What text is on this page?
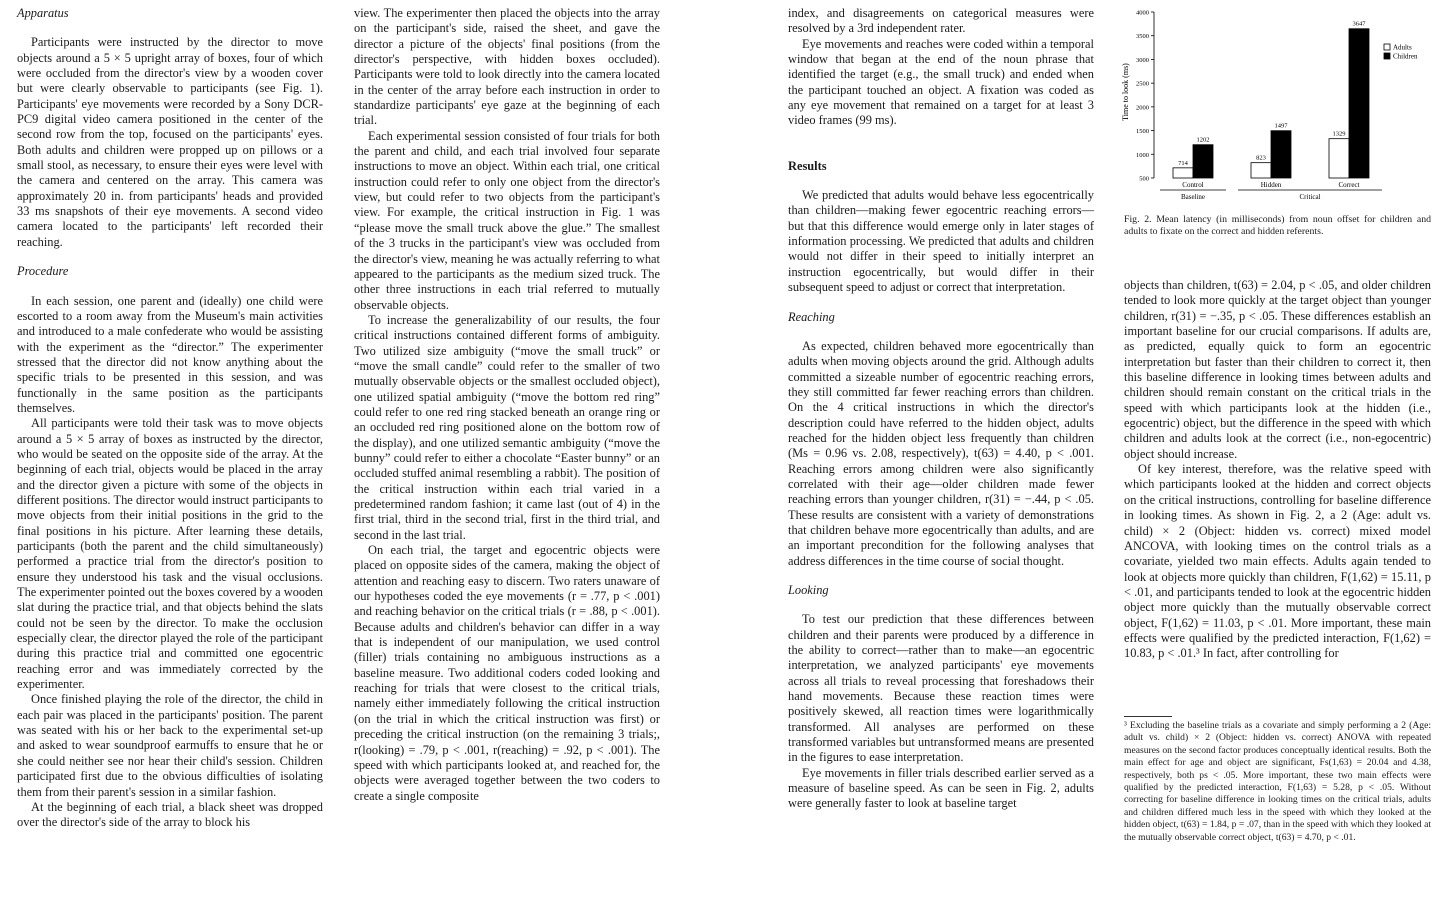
Apparatus

Participants were instructed by the director to move objects around a 5 × 5 upright array of boxes, four of which were occluded from the director's view by a wooden cover but were clearly observable to participants (see Fig. 1). Participants' eye movements were recorded by a Sony DCR-PC9 digital video camera positioned in the center of the second row from the top, focused on the participants' eyes. Both adults and children were propped up on pillows or a small stool, as necessary, to ensure their eyes were level with the camera and centered on the array. This camera was approximately 20 in. from participants' heads and provided 33 ms snapshots of their eye movements. A second video camera located to the participants' left recorded their reaching.

Procedure

In each session, one parent and (ideally) one child were escorted to a room away from the Museum's main activities and introduced to a male confederate who would be assisting with the experiment as the “director.” The experimenter stressed that the director did not know anything about the specific trials to be presented in this session, and was functionally in the same position as the participants themselves.

All participants were told their task was to move objects around a 5 × 5 array of boxes as instructed by the director, who would be seated on the opposite side of the array. At the beginning of each trial, objects would be placed in the array and the director given a picture with some of the objects in different positions. The director would instruct participants to move objects from their initial positions in the grid to the final positions in his picture. After learning these details, participants (both the parent and the child simultaneously) performed a practice trial from the director's position to ensure they understood his task and the visual occlusions. The experimenter pointed out the boxes covered by a wooden slat during the practice trial, and that objects behind the slats could not be seen by the director. To make the occlusion especially clear, the director played the role of the participant during this practice trial and committed one egocentric reaching error and was immediately corrected by the experimenter.

Once finished playing the role of the director, the child in each pair was placed in the participants' position. The parent was seated with his or her back to the experimental set-up and asked to wear soundproof earmuffs to ensure that he or she could neither see nor hear their child's session. Children participated first due to the obvious difficulties of isolating them from their parent's session in a similar fashion.

At the beginning of each trial, a black sheet was dropped over the director's side of the array to block his

view. The experimenter then placed the objects into the array on the participant's side, raised the sheet, and gave the director a picture of the objects' final positions (from the director's perspective, with hidden boxes occluded). Participants were told to look directly into the camera located in the center of the array before each instruction in order to standardize participants' eye gaze at the beginning of each trial.

Each experimental session consisted of four trials for both the parent and child, and each trial involved four separate instructions to move an object. Within each trial, one critical instruction could refer to only one object from the director's view, but could refer to two objects from the participant's view. For example, the critical instruction in Fig. 1 was “please move the small truck above the glue.” The smallest of the 3 trucks in the participant's view was occluded from the director's view, meaning he was actually referring to what appeared to the participants as the medium sized truck. The other three instructions in each trial referred to mutually observable objects.

To increase the generalizability of our results, the four critical instructions contained different forms of ambiguity. Two utilized size ambiguity (“move the small truck” or “move the small candle” could refer to the smaller of two mutually observable objects or the smallest occluded object), one utilized spatial ambiguity (“move the bottom red ring” could refer to one red ring stacked beneath an orange ring or an occluded red ring positioned alone on the bottom row of the display), and one utilized semantic ambiguity (“move the bunny” could refer to either a chocolate “Easter bunny” or an occluded stuffed animal resembling a rabbit). The position of the critical instruction within each trial varied in a predetermined random fashion; it came last (out of 4) in the first trial, third in the second trial, first in the third trial, and second in the last trial.

On each trial, the target and egocentric objects were placed on opposite sides of the camera, making the object of attention and reaching easy to discern. Two raters unaware of our hypotheses coded the eye movements (r = .77, p < .001) and reaching behavior on the critical trials (r = .88, p < .001). Because adults and children's behavior can differ in a way that is independent of our manipulation, we used control (filler) trials containing no ambiguous instructions as a baseline measure. Two additional coders coded looking and reaching for trials that were closest to the critical trials, namely either immediately following the critical instruction (on the trial in which the critical instruction was first) or preceding the critical instruction (on the remaining 3 trials;, r(looking) = .79, p < .001, r(reaching) = .92, p < .001). The speed with which participants looked at, and reached for, the objects were averaged together between the two coders to create a single composite

index, and disagreements on categorical measures were resolved by a 3rd independent rater.

Eye movements and reaches were coded within a temporal window that began at the end of the noun phrase that identified the target (e.g., the small truck) and ended when the participant touched an object. A fixation was coded as any eye movement that remained on a target for at least 3 video frames (99 ms).

Results

We predicted that adults would behave less egocentrically than children—making fewer egocentric reaching errors—but that this difference would emerge only in later stages of information processing. We predicted that adults and children would not differ in their speed to initially interpret an instruction egocentrically, but would differ in their subsequent speed to adjust or correct that interpretation.

Reaching

As expected, children behaved more egocentrically than adults when moving objects around the grid. Although adults committed a sizeable number of egocentric reaching errors, they still committed far fewer reaching errors than children. On the 4 critical instructions in which the director's description could have referred to the hidden object, adults reached for the hidden object less frequently than children (Ms = 0.96 vs. 2.08, respectively), t(63) = 4.40, p < .001. Reaching errors among children were also significantly correlated with their age—older children made fewer reaching errors than younger children, r(31) = −.44, p < .05. These results are consistent with a variety of demonstrations that children behave more egocentrically than adults, and are an important precondition for the following analyses that address differences in the time course of social thought.

Looking

To test our prediction that these differences between children and their parents were produced by a difference in the ability to correct—rather than to make—an egocentric interpretation, we analyzed participants' eye movements across all trials to reveal processing that foreshadows their hand movements. Because these reaction times were positively skewed, all reaction times were logarithmically transformed. All analyses are performed on these transformed variables but untransformed means are presented in the figures to ease interpretation.

Eye movements in filler trials described earlier served as a measure of baseline speed. As can be seen in Fig. 2, adults were generally faster to look at baseline target

Time to look (ms)
500
1000
1500
2000
2500
3000
3500
4000
714
1202
Control
823
1497
Hidden
1329
3647
Correct
Baseline	Critical
Adults
Children
Fig. 2. Mean latency (in milliseconds) from noun offset for children and adults to fixate on the correct and hidden referents.

objects than children, t(63) = 2.04, p < .05, and older children tended to look more quickly at the target object than younger children, r(31) = −.35, p < .05. These differences establish an important baseline for our crucial comparisons. If adults are, as predicted, equally quick to form an egocentric interpretation but faster than their children to correct it, then this baseline difference in looking times between adults and children should remain constant on the critical trials in the speed with which participants look at the hidden (i.e., egocentric) object, but the difference in the speed with which children and adults look at the correct (i.e., non-egocentric) object should increase.

Of key interest, therefore, was the relative speed with which participants looked at the hidden and correct objects on the critical instructions, controlling for baseline difference in looking times. As shown in Fig. 2, a 2 (Age: adult vs. child) × 2 (Object: hidden vs. correct) mixed model ANCOVA, with looking times on the control trials as a covariate, yielded two main effects. Adults again tended to look at objects more quickly than children, F(1,62) = 15.11, p < .01, and participants tended to look at the egocentric hidden object more quickly than the mutually observable correct object, F(1,62) = 11.03, p < .01. More important, these main effects were qualified by the predicted interaction, F(1,62) = 10.83, p < .01.³ In fact, after controlling for

³ Excluding the baseline trials as a covariate and simply performing a 2 (Age: adult vs. child) × 2 (Object: hidden vs. correct) ANOVA with repeated measures on the second factor produces conceptually identical results. Both the main effect for age and object are significant, Fs(1,63) = 20.04 and 4.38, respectively, both ps < .05. More important, these two main effects were qualified by the predicted interaction, F(1,63) = 5.28, p < .05. Without correcting for baseline difference in looking times on the critical trials, adults and children differed much less in the speed with which they looked at the hidden object, t(63) = 1.84, p = .07, than in the speed with which they looked at the mutually observable correct object, t(63) = 4.70, p < .01.
